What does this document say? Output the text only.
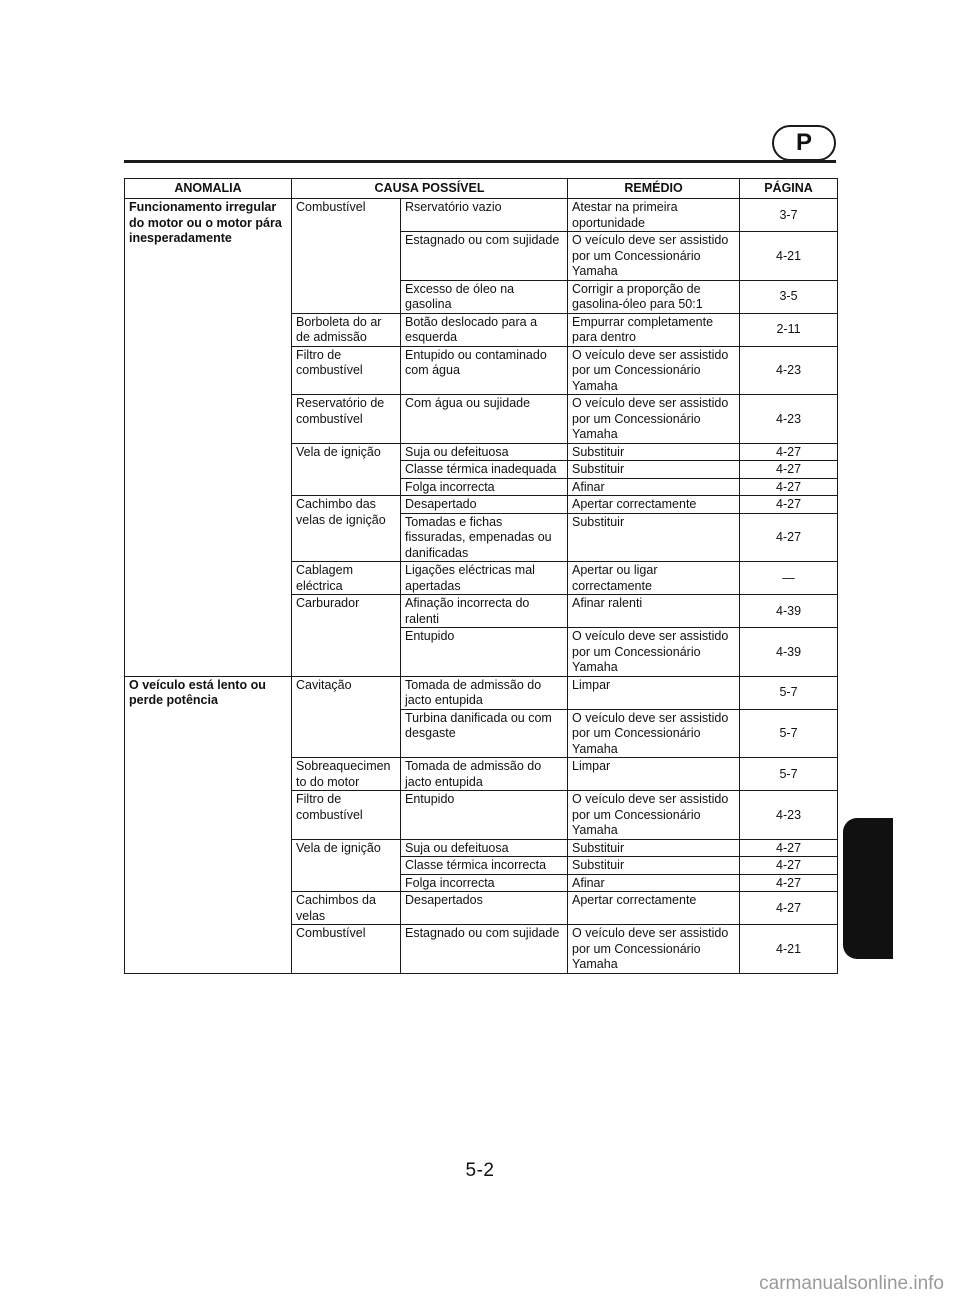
P
ANOMALIA	CAUSA POSSÍVEL		REMÉDIO	PÁGINA
Funcionamento irregular do motor ou o motor pára inesperadamente	Combustível	Rservatório vazio	Atestar na primeira oportunidade	3-7
		Estagnado ou com sujidade	O veículo deve ser assistido por um Concessionário Yamaha	4-21
		Excesso de óleo na gasolina	Corrigir a proporção de gasolina-óleo para 50:1	3-5
	Borboleta do ar de admissão	Botão deslocado para a esquerda	Empurrar completamente para dentro	2-11
	Filtro de combustível	Entupido ou contaminado com água	O veículo deve ser assistido por um Concessionário Yamaha	4-23
	Reservatório de combustível	Com água ou sujidade	O veículo deve ser assistido por um Concessionário Yamaha	4-23
	Vela de ignição	Suja ou defeituosa	Substituir	4-27
		Classe térmica inadequada	Substituir	4-27
		Folga incorrecta	Afinar	4-27
	Cachimbo das velas de ignição	Desapertado	Apertar correctamente	4-27
		Tomadas e fichas fissuradas, empenadas ou danificadas	Substituir	4-27
	Cablagem eléctrica	Ligações eléctricas mal apertadas	Apertar ou ligar correctamente	—
	Carburador	Afinação incorrecta do ralenti	Afinar ralenti	4-39
		Entupido	O veículo deve ser assistido por um Concessionário Yamaha	4-39
O veículo está lento ou perde potência	Cavitação	Tomada de admissão do jacto entupida	Limpar	5-7
		Turbina danificada ou com desgaste	O veículo deve ser assistido por um Concessionário Yamaha	5-7
	Sobreaquecimen to do motor	Tomada de admissão do jacto entupida	Limpar	5-7
	Filtro de combustível	Entupido	O veículo deve ser assistido por um Concessionário Yamaha	4-23
	Vela de ignição	Suja ou defeituosa	Substituir	4-27
		Classe térmica incorrecta	Substituir	4-27
		Folga incorrecta	Afinar	4-27
	Cachimbos da velas	Desapertados	Apertar correctamente	4-27
	Combustível	Estagnado ou com sujidade	O veículo deve ser assistido por um Concessionário Yamaha	4-21
5-2
carmanualsonline.info
